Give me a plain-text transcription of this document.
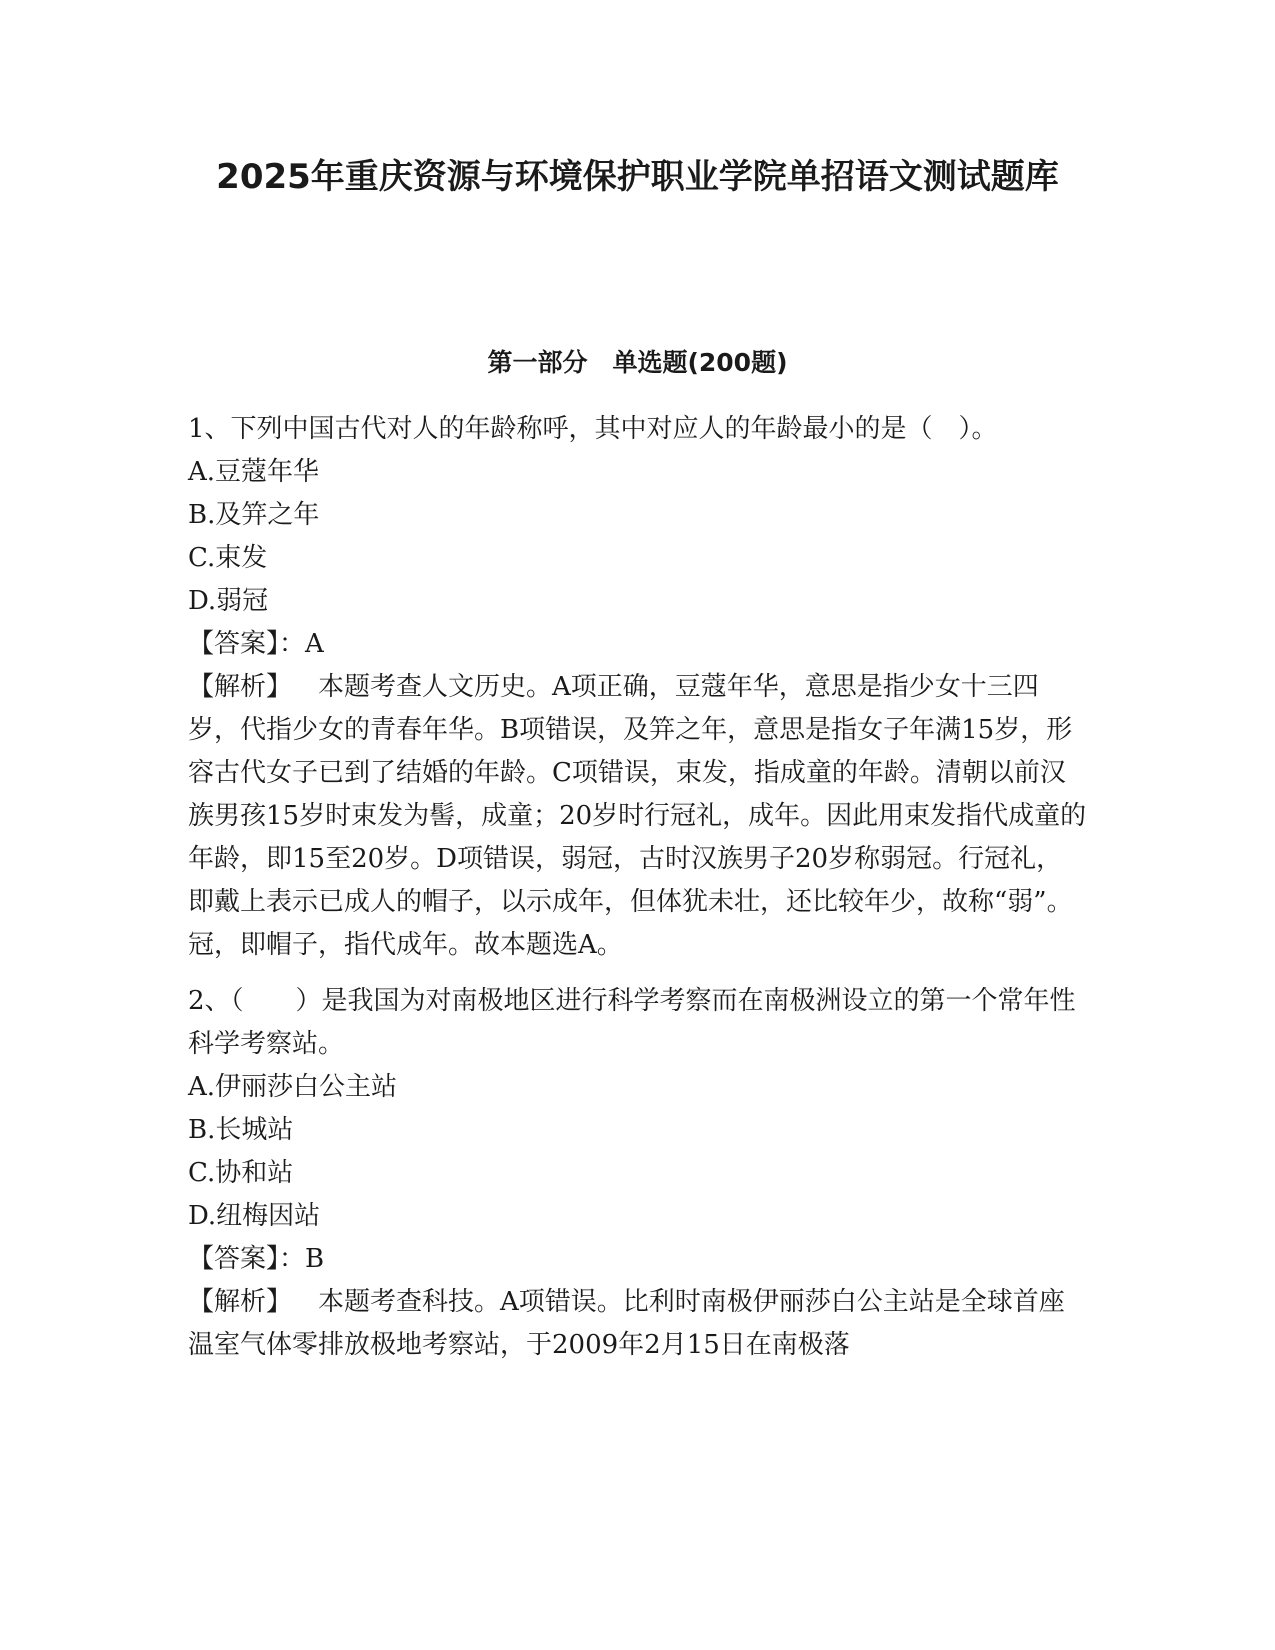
2025年重庆资源与环境保护职业学院单招语文测试题库
第一部分　单选题(200题)

1、下列中国古代对人的年龄称呼，其中对应人的年龄最小的是（　）。

A.豆蔻年华

B.及笄之年

C.束发

D.弱冠

【答案】：A

【解析】 本题考查人文历史。A项正确，豆蔻年华，意思是指少女十三四岁，代指少女的青春年华。B项错误，及笄之年，意思是指女子年满15岁，形容古代女子已到了结婚的年龄。C项错误，束发，指成童的年龄。清朝以前汉族男孩15岁时束发为髻，成童；20岁时行冠礼，成年。因此用束发指代成童的年龄，即15至20岁。D项错误，弱冠，古时汉族男子20岁称弱冠。行冠礼，即戴上表示已成人的帽子，以示成年，但体犹未壮，还比较年少，故称“弱”。冠，即帽子，指代成年。故本题选A。

2、（　　）是我国为对南极地区进行科学考察而在南极洲设立的第一个常年性科学考察站。

A.伊丽莎白公主站

B.长城站

C.协和站

D.纽梅因站

【答案】：B

【解析】 本题考查科技。A项错误。比利时南极伊丽莎白公主站是全球首座温室气体零排放极地考察站，于2009年2月15日在南极落
